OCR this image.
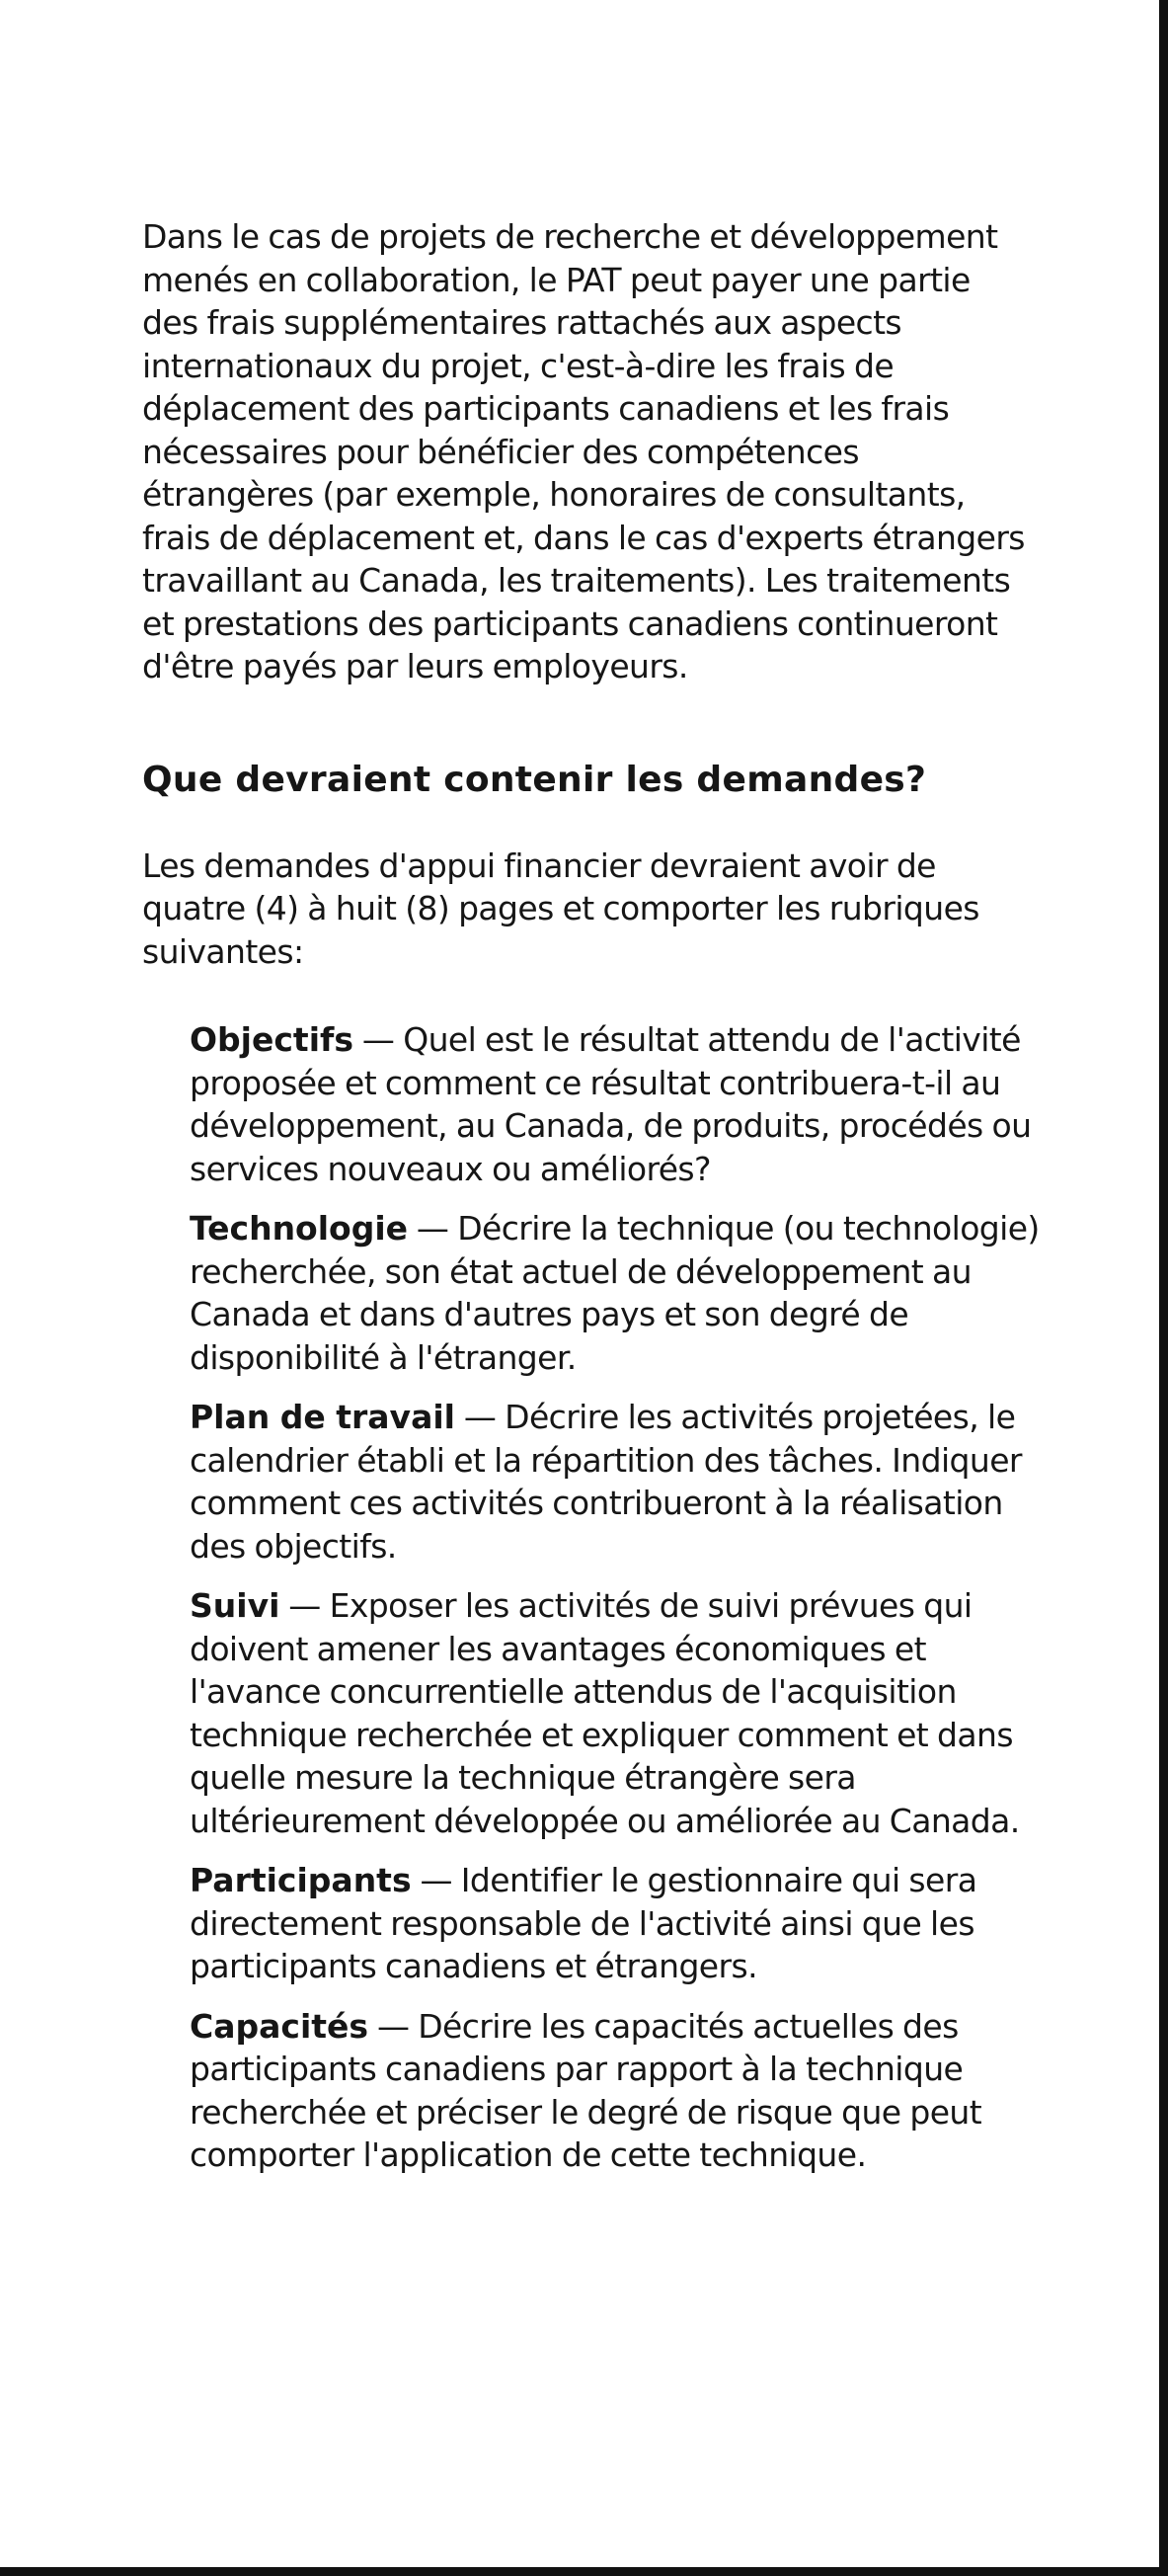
Dans le cas de projets de recherche et développement menés en collaboration, le PAT peut payer une partie des frais supplémentaires rattachés aux aspects internationaux du projet, c'est-à-dire les frais de déplacement des participants canadiens et les frais nécessaires pour bénéficier des compétences étrangères (par exemple, honoraires de consultants, frais de déplacement et, dans le cas d'experts étrangers travaillant au Canada, les traitements). Les traitements et prestations des participants canadiens continueront d'être payés par leurs employeurs.

Que devraient contenir les demandes?

Les demandes d'appui financier devraient avoir de quatre (4) à huit (8) pages et comporter les rubriques suivantes:

Objectifs — Quel est le résultat attendu de l'activité proposée et comment ce résultat contribuera-t-il au développement, au Canada, de produits, procédés ou services nouveaux ou améliorés?
Technologie — Décrire la technique (ou technologie) recherchée, son état actuel de développement au Canada et dans d'autres pays et son degré de disponibilité à l'étranger.
Plan de travail — Décrire les activités projetées, le calendrier établi et la répartition des tâches. Indiquer comment ces activités contribueront à la réalisation des objectifs.
Suivi — Exposer les activités de suivi prévues qui doivent amener les avantages économiques et l'avance concurrentielle attendus de l'acquisition technique recherchée et expliquer comment et dans quelle mesure la technique étrangère sera ultérieurement développée ou améliorée au Canada.
Participants — Identifier le gestionnaire qui sera directement responsable de l'activité ainsi que les participants canadiens et étrangers.
Capacités — Décrire les capacités actuelles des participants canadiens par rapport à la technique recherchée et préciser le degré de risque que peut comporter l'application de cette technique.
